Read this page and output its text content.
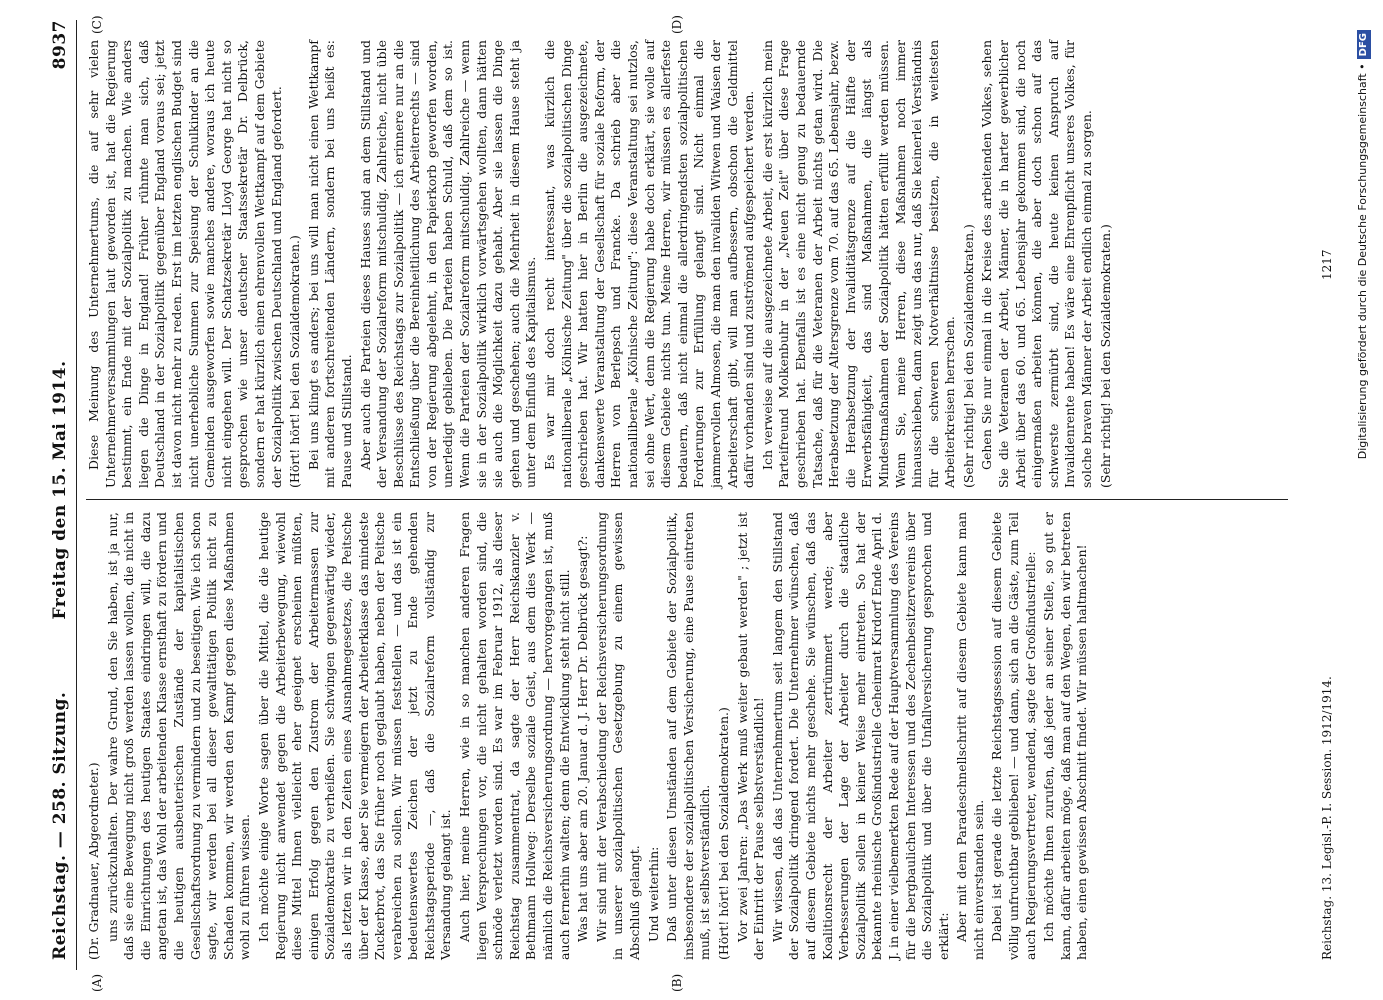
Reichstag. — 258. Sitzung.
Freitag den 15. Mai 1914.
8937
(A)	(B)
(C)	(D)

(Dr. Gradnauer, Abgeordneter.) uns zurückzuhalten. Der wahre Grund, den Sie haben, ist ja nur, daß sie eine Bewegung nicht groß werden lassen wollen, die nicht in die Einrichtungen des heutigen Staates eindringen will, die dazu angetan ist, das Wohl der arbeitenden Klasse ernsthaft zu fördern und die heutigen ausbeuterischen Zustände der kapitalistischen Gesellschaftsordnung zu vermindern und zu beseitigen. Wie ich schon sagte, wir werden bei all dieser gewalttätigen Politik nicht zu Schaden kommen, wir werden den Kampf gegen diese Maßnahmen wohl zu führen wissen. Ich möchte einige Worte sagen über die Mittel, die die heutige Regierung nicht anwendet gegen die Arbeiterbewegung, wiewohl diese Mittel Ihnen vielleicht eher geeignet erscheinen müßten, einigen Erfolg gegen den Zustrom der Arbeitermassen zur Sozialdemokratie zu verheißen. Sie schwingen gegenwärtig wieder, als letzten wir in den Zeiten eines Ausnahmegesetzes, die Peitsche über der Klasse, aber Sie vermeigern der Arbeiterklasse das mindeste Zuckerbrot, das Sie früher noch geglaubt haben, neben der Peitsche verabreichen zu sollen. Wir müssen feststellen — und das ist ein bedeutenswertes Zeichen der jetzt zu Ende gehenden Reichstagsperiode —, daß die Sozialreform vollständig zur Versandung gelangt ist. Auch hier, meine Herren, wie in so manchen anderen Fragen liegen Versprechungen vor, die nicht gehalten worden sind, die schnöde verletzt worden sind. Es war im Februar 1912, als dieser Reichstag zusammentrat, da sagte der Herr Reichskanzler v. Bethmann Hollweg: Derselbe soziale Geist, aus dem dies Werk — nämlich die Reichsversicherungsordnung — hervorgegangen ist, muß auch fernerhin walten; denn die Entwicklung steht nicht still. Was hat uns aber am 20. Januar d. J. Herr Dr. Delbrück gesagt?: Wir sind mit der Verabschiedung der Reichsversicherungsordnung in unserer sozialpolitischen Gesetzgebung zu einem gewissen Abschluß gelangt. Und weiterhin: Daß unter diesen Umständen auf dem Gebiete der Sozialpolitik, insbesondere der sozialpolitischen Versicherung, eine Pause eintreten muß, ist selbstverständlich. (Hört! hört! bei den Sozialdemokraten.) Vor zwei Jahren: „Das Werk muß weiter gebaut werden" ; jetzt ist der Eintritt der Pause selbstverständlich! Wir wissen, daß das Unternehmertum seit langem den Stillstand der Sozialpolitik dringend fordert. Die Unternehmer wünschen, daß auf diesem Gebiete nichts mehr geschehe. Sie wünschen, daß das Koalitionsrecht der Arbeiter zertrümmert werde; aber Verbesserungen der Lage der Arbeiter durch die staatliche Sozialpolitik sollen in keiner Weise mehr eintreten. So hat der bekannte rheinische Großindustrielle Geheimrat Kirdorf Ende April d. J. in einer vielbemerkten Rede auf der Hauptversammlung des Vereins für die bergbaulichen Interessen und des Zechenbesitzervereins über die Sozialpolitik und über die Unfallversicherung gesprochen und erklärt: Aber mit dem Paradeschnellschritt auf diesem Gebiete kann man nicht einverstanden sein. Dabei ist gerade die letzte Reichstagssession auf diesem Gebiete völlig unfruchtbar geblieben! — und dann, sich an die Gäste, zum Teil auch Regierungsvertreter, wendend, sagte der Großindustrielle: Ich möchte Ihnen zurufen, daß jeder an seiner Stelle, so gut er kann, dafür arbeiten möge, daß man auf den Wegen, den wir betreten haben, einen gewissen Abschnitt findet. Wir müssen haltmachen!

Diese Meinung des Unternehmertums, die auf sehr vielen Unternehmerversammlungen laut geworden ist, hat die Regierung bestimmt, ein Ende mit der Sozialpolitik zu machen. Wie anders liegen die Dinge in England! Früher rühmte man sich, daß Deutschland in der Sozialpolitik gegenüber England voraus sei; jetzt ist davon nicht mehr zu reden. Erst im letzten englischen Budget sind nicht unerhebliche Summen zur Speisung der Schulkinder an die Gemeinden ausgeworfen sowie manches andere, woraus ich heute nicht eingehen will. Der Schatzsekretär Lloyd George hat nicht so gesprochen wie unser deutscher Staatssekretär Dr. Delbrück, sondern er hat kürzlich einen ehrenvollen Wettkampf auf dem Gebiete der Sozialpolitik zwischen Deutschland und England gefordert. (Hört! hört! bei den Sozialdemokraten.) Bei uns klingt es anders; bei uns will man nicht einen Wettkampf mit anderen fortschreitenden Ländern, sondern bei uns heißt es: Pause und Stillstand. Aber auch die Parteien dieses Hauses sind an dem Stillstand und der Versandung der Sozialreform mitschuldig. Zahlreiche, nicht üble Beschlüsse des Reichstags zur Sozialpolitik — ich erinnere nur an die Entschließung über die Bereinheitlichung des Arbeiterrechts — sind von der Regierung abgelehnt, in den Papierkorb geworfen worden, unerledigt geblieben. Die Parteien haben Schuld, daß dem so ist. Wenn die Parteien der Sozialreform mitschuldig. Zahlreiche — wenn sie in der Sozialpolitik wirklich vorwärtsgehen wollten, dann hätten sie auch die Möglichkeit dazu gehabt. Aber sie lassen die Dinge gehen und geschehen; auch die Mehrheit in diesem Hause steht ja unter dem Einfluß des Kapitalismus. Es war mir doch recht interessant, was kürzlich die nationalliberale „Kölnische Zeitung" über die sozialpolitischen Dinge geschrieben hat. Wir hatten hier in Berlin die ausgezeichnete, dankenswerte Veranstaltung der Gesellschaft für soziale Reform, der Herren von Berlepsch und Francke. Da schrieb aber die nationalliberale „Kölnische Zeitung": diese Veranstaltung sei nutzlos, sei ohne Wert, denn die Regierung habe doch erklärt, sie wolle auf diesem Gebiete nichts tun. Meine Herren, wir müssen es allerfeste bedauern, daß nicht einmal die allerdringendsten sozialpolitischen Forderungen zur Erfüllung gelangt sind. Nicht einmal die jammervollen Almosen, die man den invaliden Witwen und Waisen der Arbeiterschaft gibt, will man aufbessern, obschon die Geldmittel dafür vorhanden sind und zuströmend aufgespeichert werden. Ich verweise auf die ausgezeichnete Arbeit, die erst kürzlich mein Parteifreund Molkenbuhr in der „Neuen Zeit" über diese Frage geschrieben hat. Ebenfalls ist es eine nicht genug zu bedauernde Tatsache, daß für die Veteranen der Arbeit nichts getan wird. Die Herabsetzung der Altersgrenze vom 70. auf das 65. Lebensjahr, bezw. die Herabsetzung der Invaliditätsgrenze auf die Hälfte der Erwerbsfähigkeit, das sind Maßnahmen, die längst als Mindestmaßnahmen der Sozialpolitik hätten erfüllt werden müssen. Wenn Sie, meine Herren, diese Maßnahmen noch immer hinausschieben, dann zeigt uns das nur, daß Sie keinerlei Verständnis für die schweren Notverhältnisse besitzen, die in weitesten Arbeiterkreisen herrschen. (Sehr richtig! bei den Sozialdemokraten.) Gehen Sie nur einmal in die Kreise des arbeitenden Volkes, sehen Sie die Veteranen der Arbeit, Männer, die in harter gewerblicher Arbeit über das 60. und 65. Lebensjahr gekommen sind, die noch einigermaßen arbeiten können, die aber doch schon auf das schwerste zermürbt sind, die heute keinen Anspruch auf Invalidenrente haben! Es wäre eine Ehrenpflicht unseres Volkes, für solche braven Männer der Arbeit endlich einmal zu sorgen. (Sehr richtig! bei den Sozialdemokraten.)

Reichstag. 13. Legisl.-P. I. Session. 1912/1914.
1217	Digitalisierung gefördert durch die Deutsche Forschungsgemeinschaft •DFG
